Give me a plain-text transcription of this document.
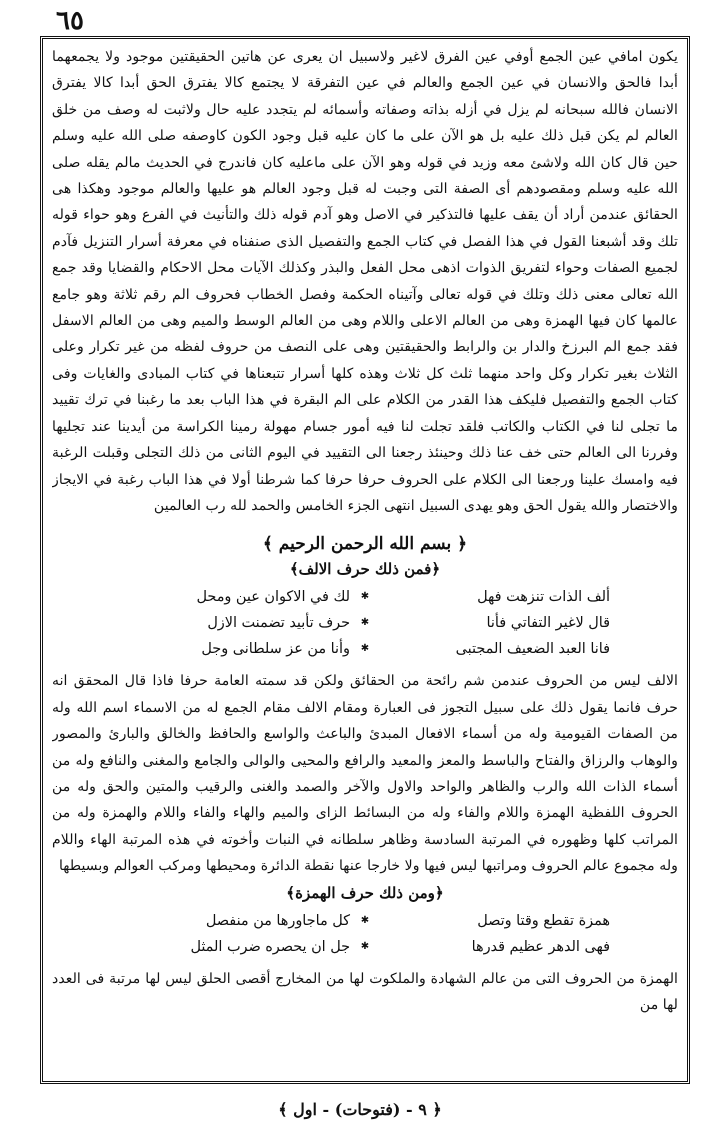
٦٥

يكون امافي عين الجمع أوفي عين الفرق لاغير ولاسبيل ان يعرى عن هاتين الحقيقتين موجود ولا يجمعهما أبدا فالحق والانسان في عين الجمع والعالم في عين التفرقة لا يجتمع كالا يفترق الحق أبدا كالا يفترق الانسان فالله سبحانه لم يزل في أزله بذاته وصفاته وأسمائه لم يتجدد عليه حال ولاثبت له وصف من خلق العالم لم يكن قبل ذلك عليه بل هو الآن على ما كان عليه قبل وجود الكون كاوصفه صلى الله عليه وسلم حين قال كان الله ولاشئ معه وزيد في قوله وهو الآن على ماعليه كان فاندرج في الحديث مالم يقله صلى الله عليه وسلم ومقصودهم أى الصفة التى وجبت له قبل وجود العالم هو عليها والعالم موجود وهكذا هى الحقائق عندمن أراد أن يقف عليها فالتذكير في الاصل وهو آدم قوله ذلك والتأنيث في الفرع وهو حواء قوله تلك وقد أشبعنا القول في هذا الفصل في كتاب الجمع والتفصيل الذى صنفناه في معرفة أسرار التنزيل فآدم لجميع الصفات وحواء لتفريق الذوات اذهى محل الفعل والبذر وكذلك الآيات محل الاحكام والقضايا وقد جمع الله تعالى معنى ذلك وتلك في قوله تعالى وآتيناه الحكمة وفصل الخطاب فحروف الم رقم ثلاثة وهو جامع عالمها كان فيها الهمزة وهى من العالم الاعلى واللام وهى من العالم الوسط والميم وهى من العالم الاسفل فقد جمع الم البرزخ والدار بن والرابط والحقيقتين وهى على النصف من حروف لفظه من غير تكرار وعلى الثلاث بغير تكرار وكل واحد منهما ثلث كل ثلاث وهذه كلها أسرار تتبعناها في كتاب المبادى والغايات وفى كتاب الجمع والتفصيل فليكف هذا القدر من الكلام على الم البقرة في هذا الباب بعد ما رغبنا في ترك تقييد ما تجلى لنا في الكتاب والكاتب فلقد تجلت لنا فيه أمور جسام مهولة رمينا الكراسة من أيدينا عند تجليها وفررنا الى العالم حتى خف عنا ذلك وحينئذ رجعنا الى التقييد في اليوم الثانى من ذلك التجلى وقبلت الرغبة فيه وامسك علينا ورجعنا الى الكلام على الحروف حرفا حرفا كما شرطنا أولا في هذا الباب رغبة في الايجاز والاختصار والله يقول الحق وهو يهدى السبيل انتهى الجزء الخامس والحمد لله رب العالمين

﴿ بسم الله الرحمن الرحيم ﴾
﴿فمن ذلك حرف الالف﴾
ألف الذات تنزهت فهل
✱
لك في الاكوان عين ومحل
قال لاغير التفاتي فأنا
✱
حرف تأبيد تضمنت الازل
فانا العبد الضعيف المجتبى
✱
وأنا من عز سلطانى وجل

الالف ليس من الحروف عندمن شم رائحة من الحقائق ولكن قد سمته العامة حرفا فاذا قال المحقق انه حرف فانما يقول ذلك على سبيل التجوز فى العبارة ومقام الالف مقام الجمع له من الاسماء اسم الله وله من الصفات القيومية وله من أسماء الافعال المبدئ والباعث والواسع والحافظ والخالق والبارئ والمصور والوهاب والرزاق والفتاح والباسط والمعز والمعيد والرافع والمحيى والوالى والجامع والمغنى والنافع وله من أسماء الذات الله والرب والظاهر والواحد والاول والآخر والصمد والغنى والرقيب والمتين والحق وله من الحروف اللفظية الهمزة واللام والفاء وله من البسائط الزاى والميم والهاء والفاء واللام والهمزة وله من المراتب كلها وظهوره في المرتبة السادسة وظاهر سلطانه في النبات وأخوته في هذه المرتبة الهاء واللام وله مجموع عالم الحروف ومراتبها ليس فيها ولا خارجا عنها نقطة الدائرة ومحيطها ومركب العوالم وبسيطها

﴿ومن ذلك حرف الهمزة﴾
همزة تقطع وقتا وتصل
✱
كل ماجاورها من منفصل
فهى الدهر عظيم قدرها
✱
جل ان يحصره ضرب المثل

الهمزة من الحروف التى من عالم الشهادة والملكوت لها من المخارج أقصى الحلق ليس لها مرتبة فى العدد لها من

﴿ ٩ - (فتوحات) - اول ﴾
